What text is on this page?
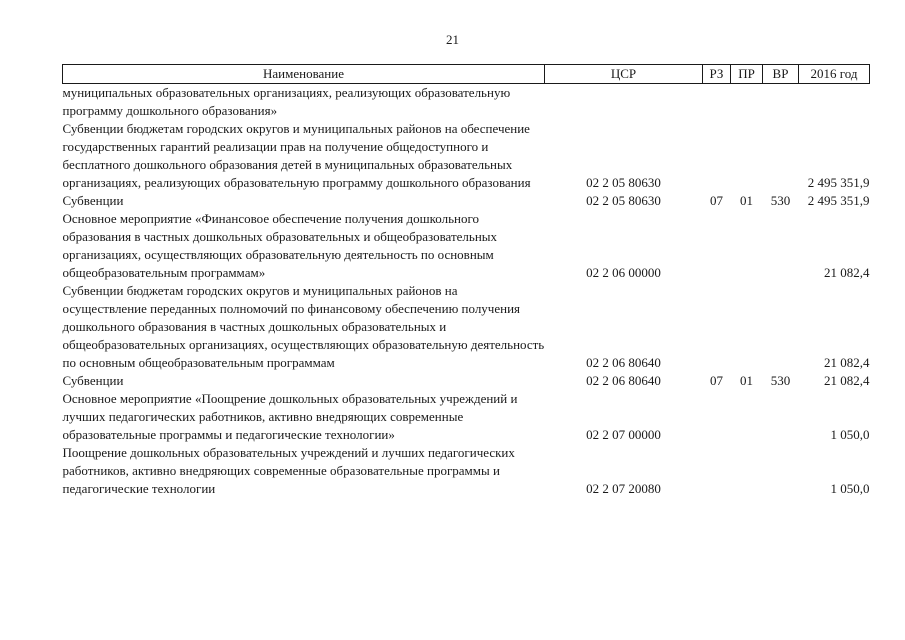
21
Наименование	ЦСР	РЗ	ПР	ВР	2016 год
муниципальных образовательных организациях, реализующих образовательную программу дошкольного образования»					
Субвенции бюджетам городских округов и муниципальных районов на обеспечение государственных гарантий реализации прав на получение общедоступного и бесплатного дошкольного образования детей в муниципальных образовательных организациях, реализующих образовательную программу дошкольного образования	02 2 05 80630				2 495 351,9
Субвенции	02 2 05 80630	07	01	530	2 495 351,9
Основное мероприятие «Финансовое обеспечение получения дошкольного образования в частных дошкольных образовательных и общеобразовательных организациях, осуществляющих образовательную деятельность по основным общеобразовательным программам»	02 2 06 00000				21 082,4
Субвенции бюджетам городских округов и муниципальных районов на осуществление переданных полномочий по финансовому обеспечению получения дошкольного образования в частных дошкольных образовательных и общеобразовательных организациях, осуществляющих образовательную деятельность по основным общеобразовательным программам	02 2 06 80640				21 082,4
Субвенции	02 2 06 80640	07	01	530	21 082,4
Основное мероприятие «Поощрение дошкольных образовательных учреждений и лучших педагогических работников, активно внедряющих современные образовательные программы и педагогические технологии»	02 2 07 00000				1 050,0
Поощрение дошкольных образовательных учреждений и лучших педагогических работников, активно внедряющих современные образовательные программы и педагогические технологии	02 2 07 20080				1 050,0
